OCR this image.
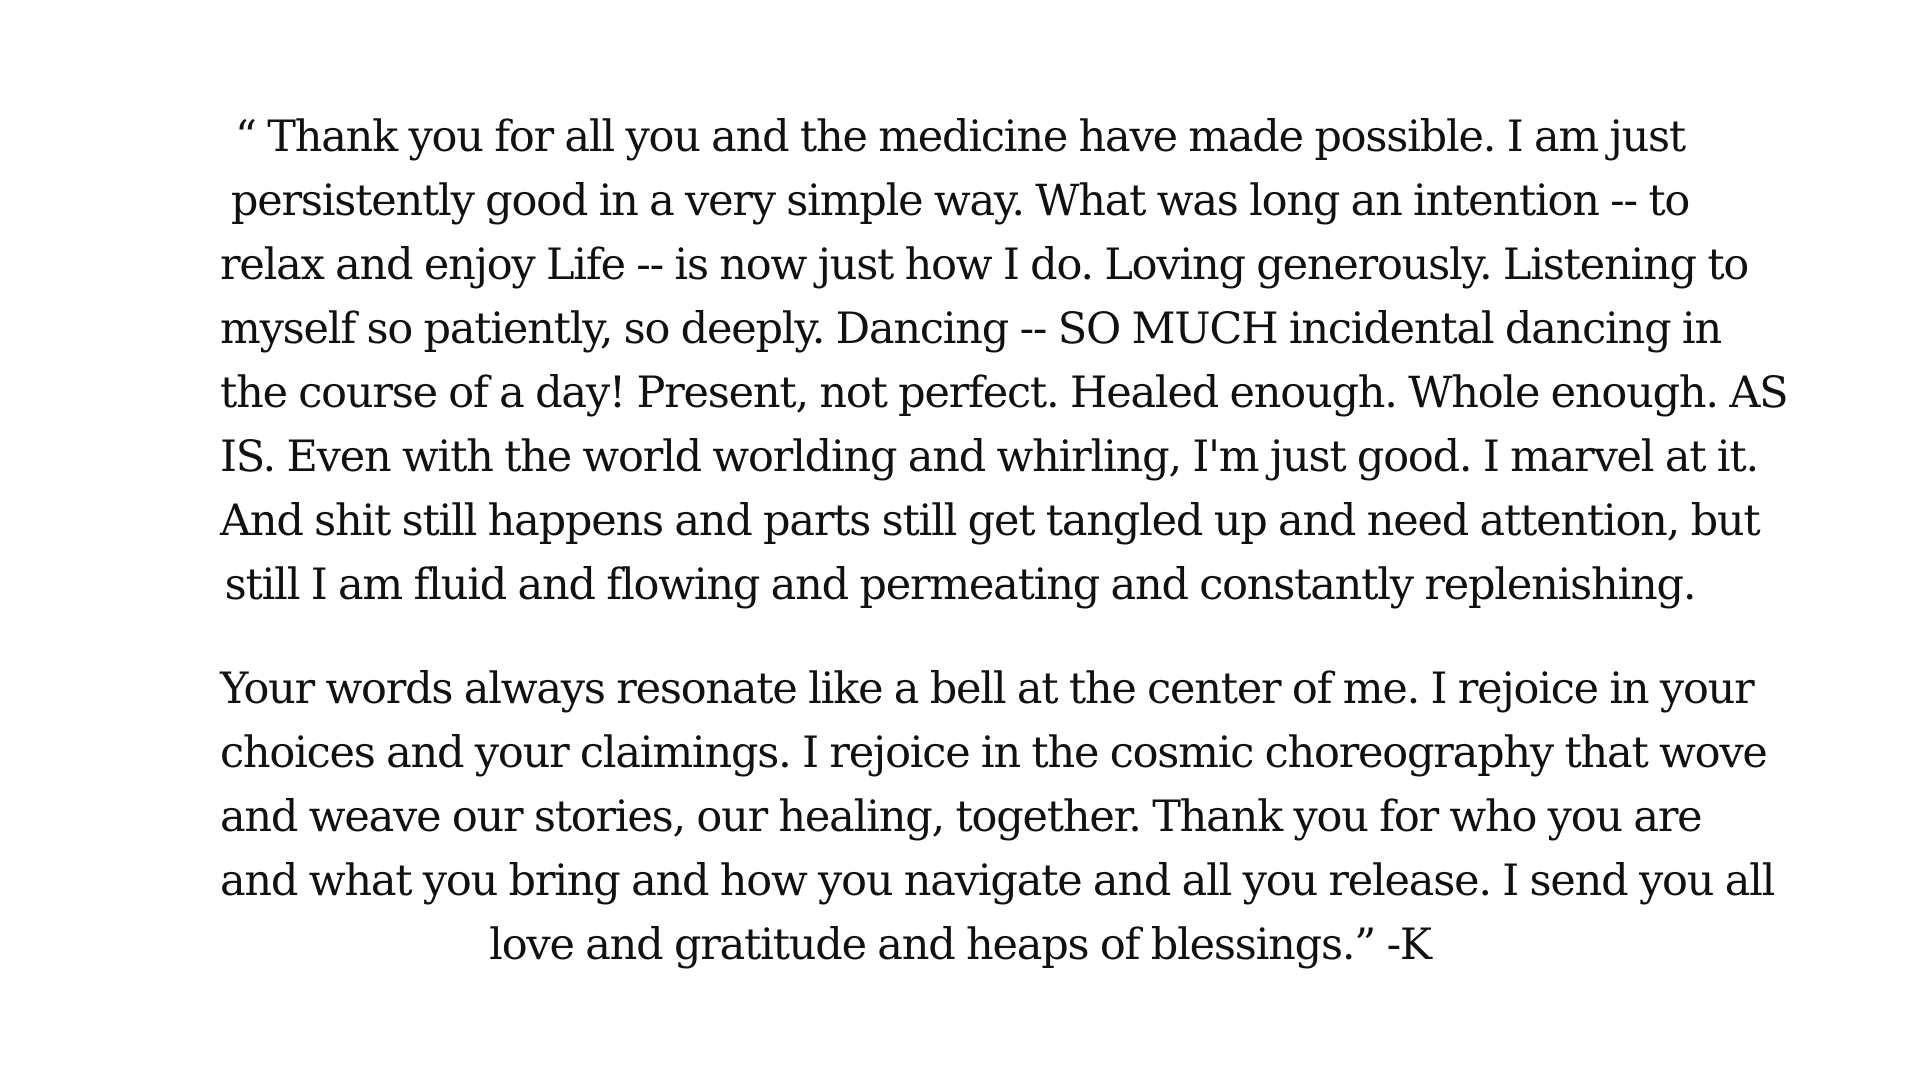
“ Thank you for all you and the medicine have made possible. I am just
persistently good in a very simple way. What was long an intention -- to
relax and enjoy Life -- is now just how I do. Loving generously. Listening to
myself so patiently, so deeply. Dancing -- SO MUCH incidental dancing in
the course of a day! Present, not perfect. Healed enough. Whole enough. AS
IS. Even with the world worlding and whirling, I'm just good. I marvel at it.
And shit still happens and parts still get tangled up and need attention, but
still I am fluid and flowing and permeating and constantly replenishing.
Your words always resonate like a bell at the center of me. I rejoice in your
choices and your claimings. I rejoice in the cosmic choreography that wove
and weave our stories, our healing, together. Thank you for who you are
and what you bring and how you navigate and all you release. I send you all
love and gratitude and heaps of blessings.” -K
